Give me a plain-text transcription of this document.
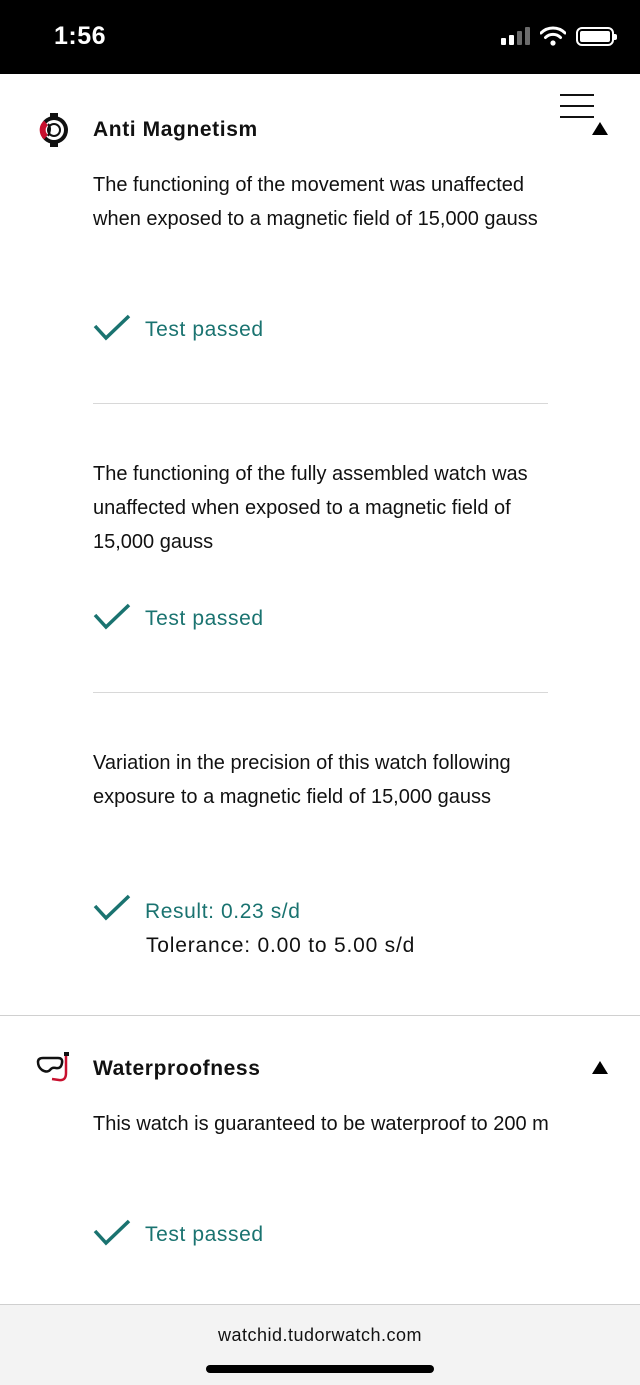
1:56
Anti Magnetism
The functioning of the movement was unaffected when exposed to a magnetic field of 15,000 gauss
Test passed
The functioning of the fully assembled watch was unaffected when exposed to a magnetic field of 15,000 gauss
Test passed
Variation in the precision of this watch following exposure to a magnetic field of 15,000 gauss
Result: 0.23 s/d
Tolerance: 0.00 to 5.00 s/d
Waterproofness
This watch is guaranteed to be waterproof to 200 m
Test passed
watchid.tudorwatch.com
